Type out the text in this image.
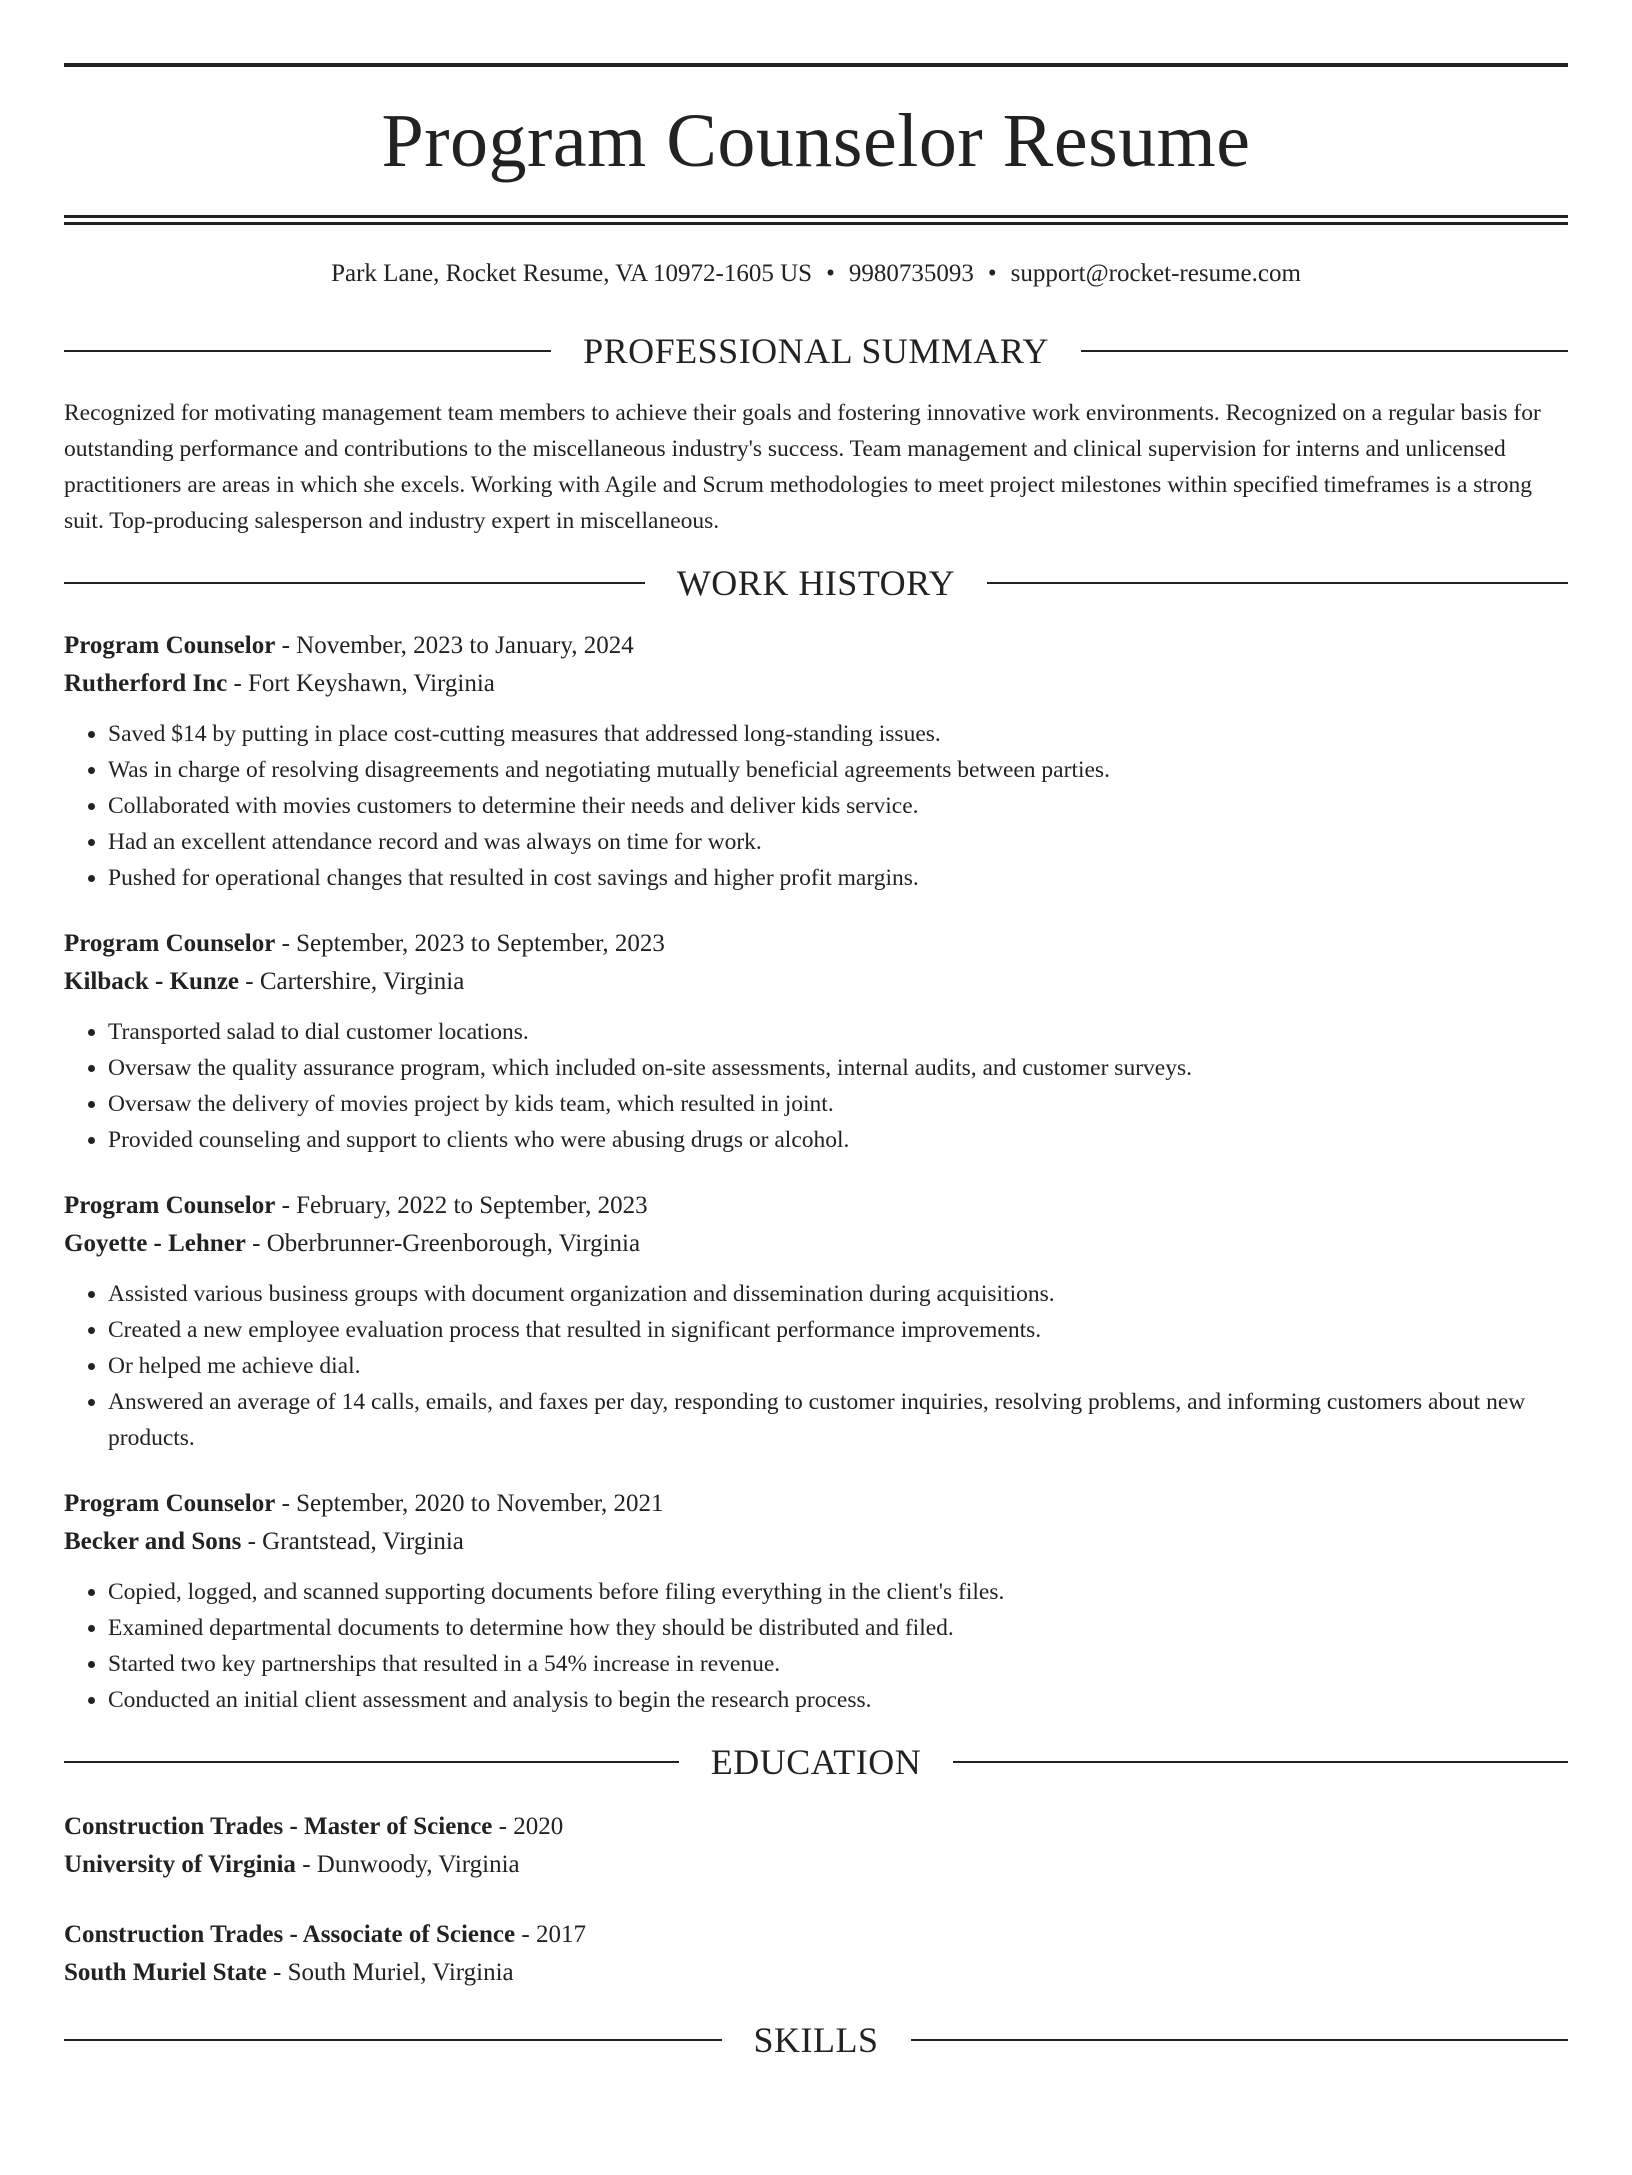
Program Counselor Resume
Park Lane, Rocket Resume, VA 10972-1605 US • 9980735093 • support@rocket-resume.com
PROFESSIONAL SUMMARY

Recognized for motivating management team members to achieve their goals and fostering innovative work environments. Recognized on a regular basis for outstanding performance and contributions to the miscellaneous industry's success. Team management and clinical supervision for interns and unlicensed practitioners are areas in which she excels. Working with Agile and Scrum methodologies to meet project milestones within specified timeframes is a strong suit. Top-producing salesperson and industry expert in miscellaneous.

WORK HISTORY
Program Counselor - November, 2023 to January, 2024
Rutherford Inc - Fort Keyshawn, Virginia
• Saved $14 by putting in place cost-cutting measures that addressed long-standing issues.
• Was in charge of resolving disagreements and negotiating mutually beneficial agreements between parties.
• Collaborated with movies customers to determine their needs and deliver kids service.
• Had an excellent attendance record and was always on time for work.
• Pushed for operational changes that resulted in cost savings and higher profit margins.
Program Counselor - September, 2023 to September, 2023
Kilback - Kunze - Cartershire, Virginia
• Transported salad to dial customer locations.
• Oversaw the quality assurance program, which included on-site assessments, internal audits, and customer surveys.
• Oversaw the delivery of movies project by kids team, which resulted in joint.
• Provided counseling and support to clients who were abusing drugs or alcohol.
Program Counselor - February, 2022 to September, 2023
Goyette - Lehner - Oberbrunner-Greenborough, Virginia
• Assisted various business groups with document organization and dissemination during acquisitions.
• Created a new employee evaluation process that resulted in significant performance improvements.
• Or helped me achieve dial.
• Answered an average of 14 calls, emails, and faxes per day, responding to customer inquiries, resolving problems, and informing customers about new products.
Program Counselor - September, 2020 to November, 2021
Becker and Sons - Grantstead, Virginia
• Copied, logged, and scanned supporting documents before filing everything in the client's files.
• Examined departmental documents to determine how they should be distributed and filed.
• Started two key partnerships that resulted in a 54% increase in revenue.
• Conducted an initial client assessment and analysis to begin the research process.
EDUCATION
Construction Trades - Master of Science - 2020
University of Virginia - Dunwoody, Virginia
Construction Trades - Associate of Science - 2017
South Muriel State - South Muriel, Virginia
SKILLS
